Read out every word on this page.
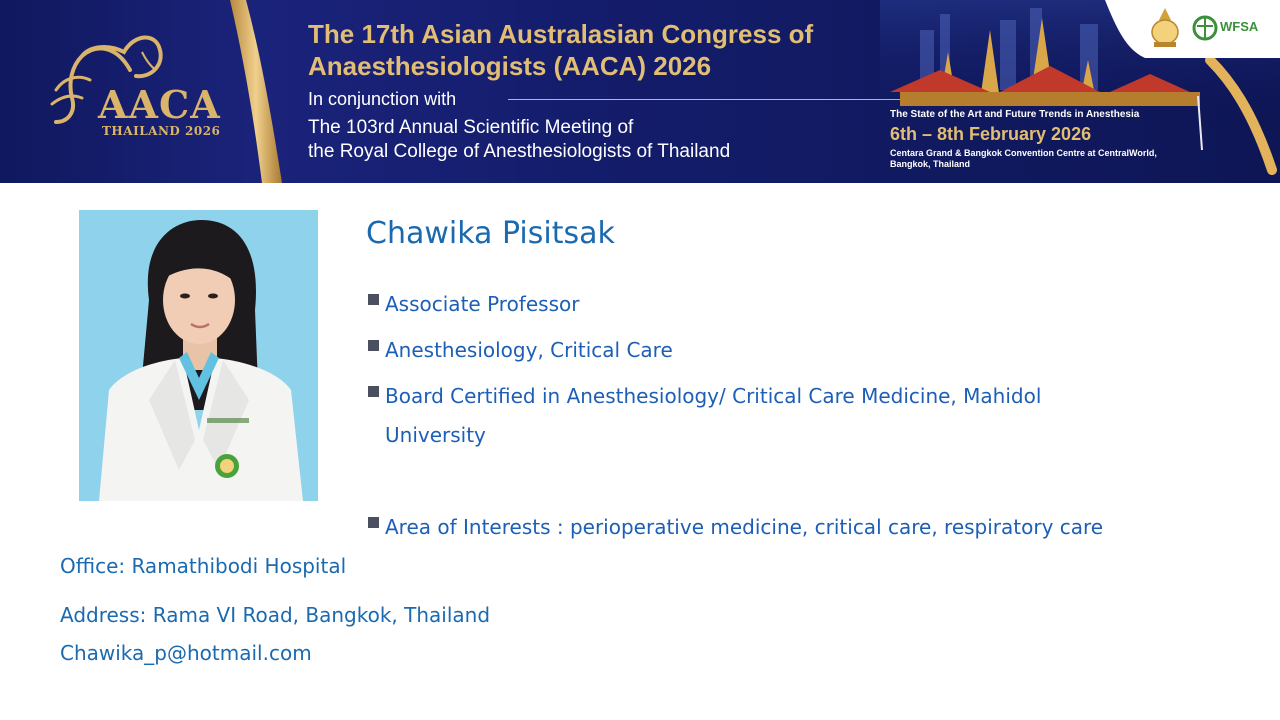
AACA
THAILAND 2026
The 17th Asian Australasian Congress of
Anaesthesiologists (AACA) 2026
In conjunction with
The 103rd Annual Scientific Meeting of
the Royal College of Anesthesiologists of Thailand
The State of the Art and Future Trends in Anesthesia
6th – 8th February 2026
Centara Grand & Bangkok Convention Centre at CentralWorld,
Bangkok, Thailand
WFSA
Chawika Pisitsak
Associate Professor
Anesthesiology, Critical Care
Board Certified in Anesthesiology/ Critical Care Medicine, Mahidol University
Area of Interests : perioperative medicine, critical care, respiratory care
Office: Ramathibodi Hospital
Address: Rama VI Road, Bangkok, Thailand
Chawika_p@hotmail.com
